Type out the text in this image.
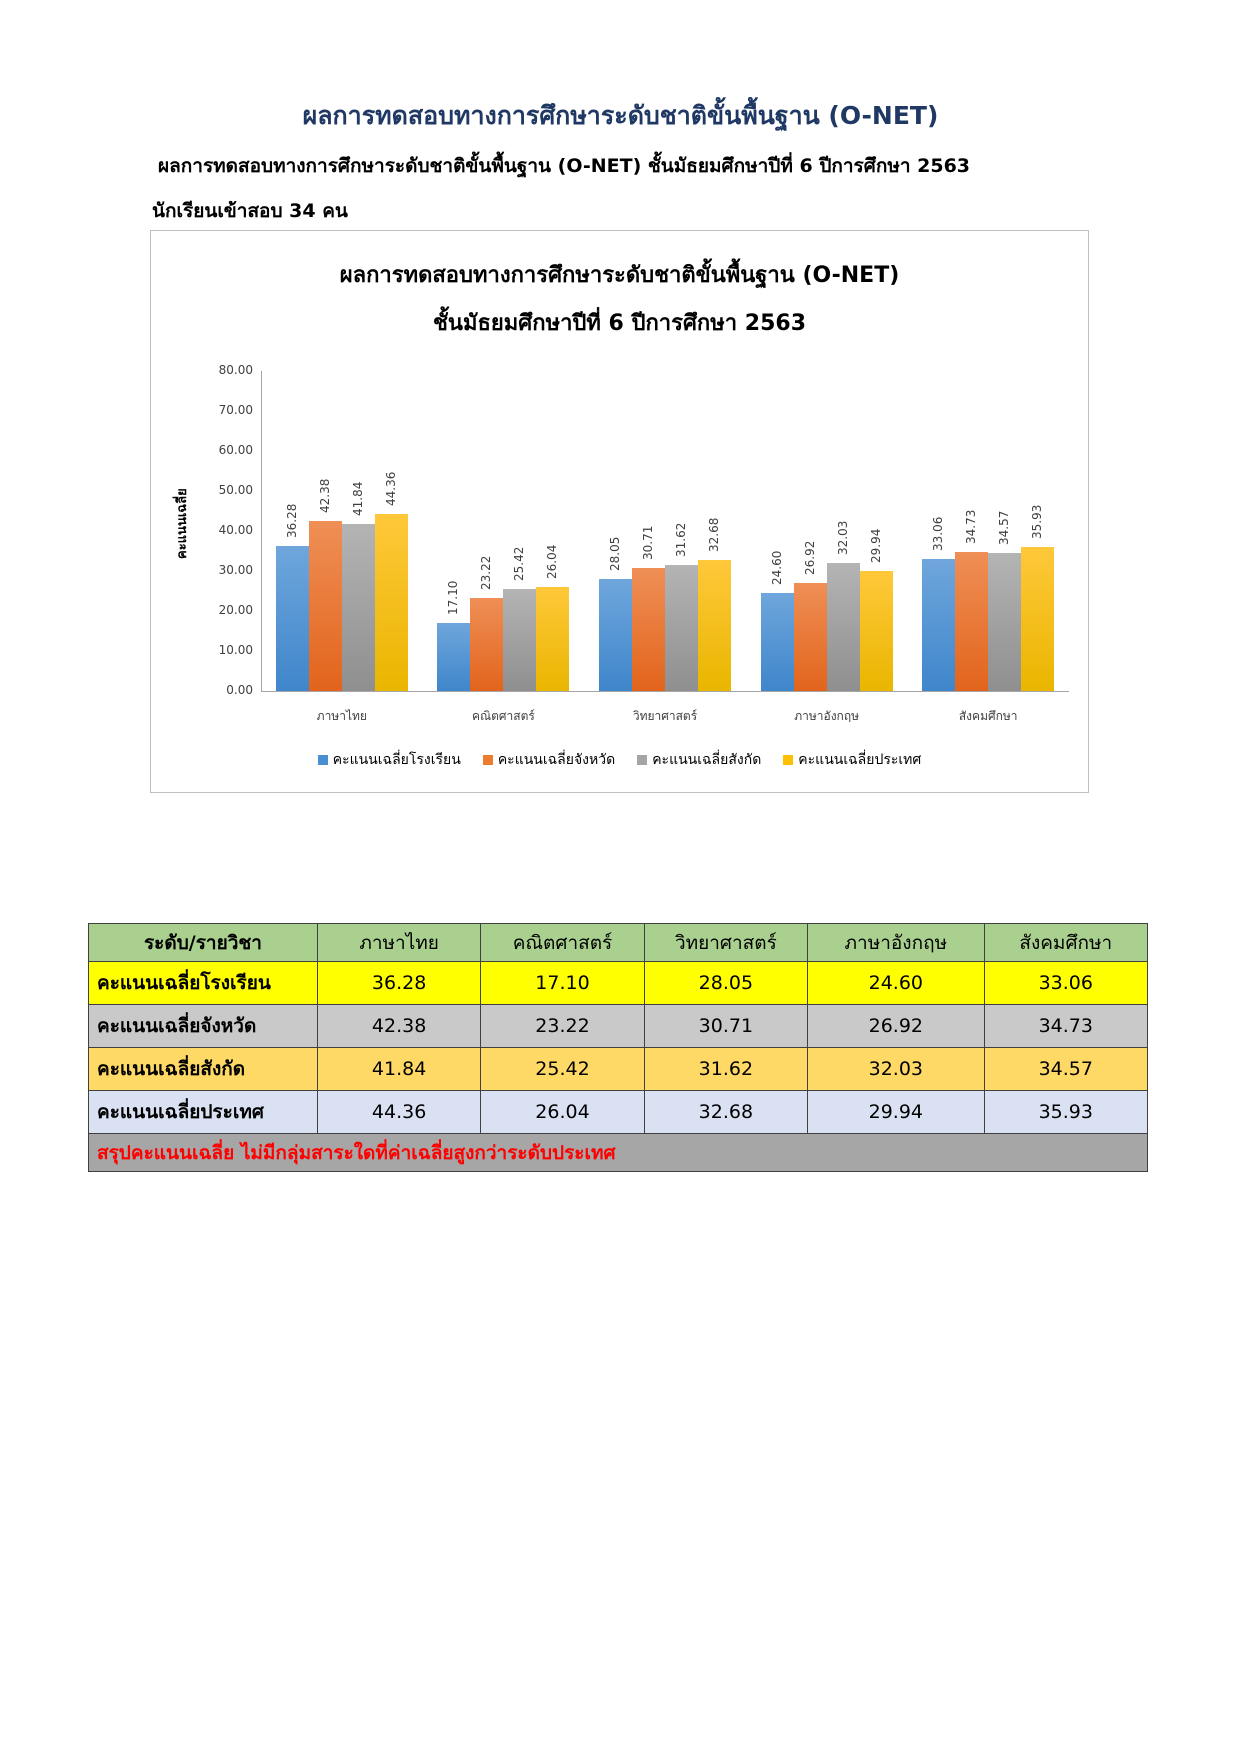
ผลการทดสอบทางการศึกษาระดับชาติขั้นพื้นฐาน (O-NET)
ผลการทดสอบทางการศึกษาระดับชาติขั้นพื้นฐาน (O-NET) ชั้นมัธยมศึกษาปีที่ 6 ปีการศึกษา 2563
นักเรียนเข้าสอบ 34 คน
ผลการทดสอบทางการศึกษาระดับชาติขั้นพื้นฐาน (O-NET)
ชั้นมัธยมศึกษาปีที่ 6 ปีการศึกษา 2563
คะแนนเฉลี่ย
80.00
70.00
60.00
50.00
40.00
30.00
20.00
10.00
0.00
36.28
42.38 41.84 44.36
17.10
23.22 25.42 26.04	28.05 30.71 31.62 32.68
24.60 26.92
32.03 29.94	33.06 34.73 34.57 35.93
ภาษาไทย	คณิตศาสตร์	วิทยาศาสตร์	ภาษาอังกฤษ	สังคมศึกษา
คะแนนเฉลี่ยโรงเรียน	คะแนนเฉลี่ยจังหวัด	คะแนนเฉลี่ยสังกัด	คะแนนเฉลี่ยประเทศ
ระดับ/รายวิชา	ภาษาไทย	คณิตศาสตร์	วิทยาศาสตร์	ภาษาอังกฤษ	สังคมศึกษา
คะแนนเฉลี่ยโรงเรียน	36.28	17.10	28.05	24.60	33.06
คะแนนเฉลี่ยจังหวัด	42.38	23.22	30.71	26.92	34.73
คะแนนเฉลี่ยสังกัด	41.84	25.42	31.62	32.03	34.57
คะแนนเฉลี่ยประเทศ	44.36	26.04	32.68	29.94	35.93
สรุปคะแนนเฉลี่ย ไม่มีกลุ่มสาระใดที่ค่าเฉลี่ยสูงกว่าระดับประเทศ					
